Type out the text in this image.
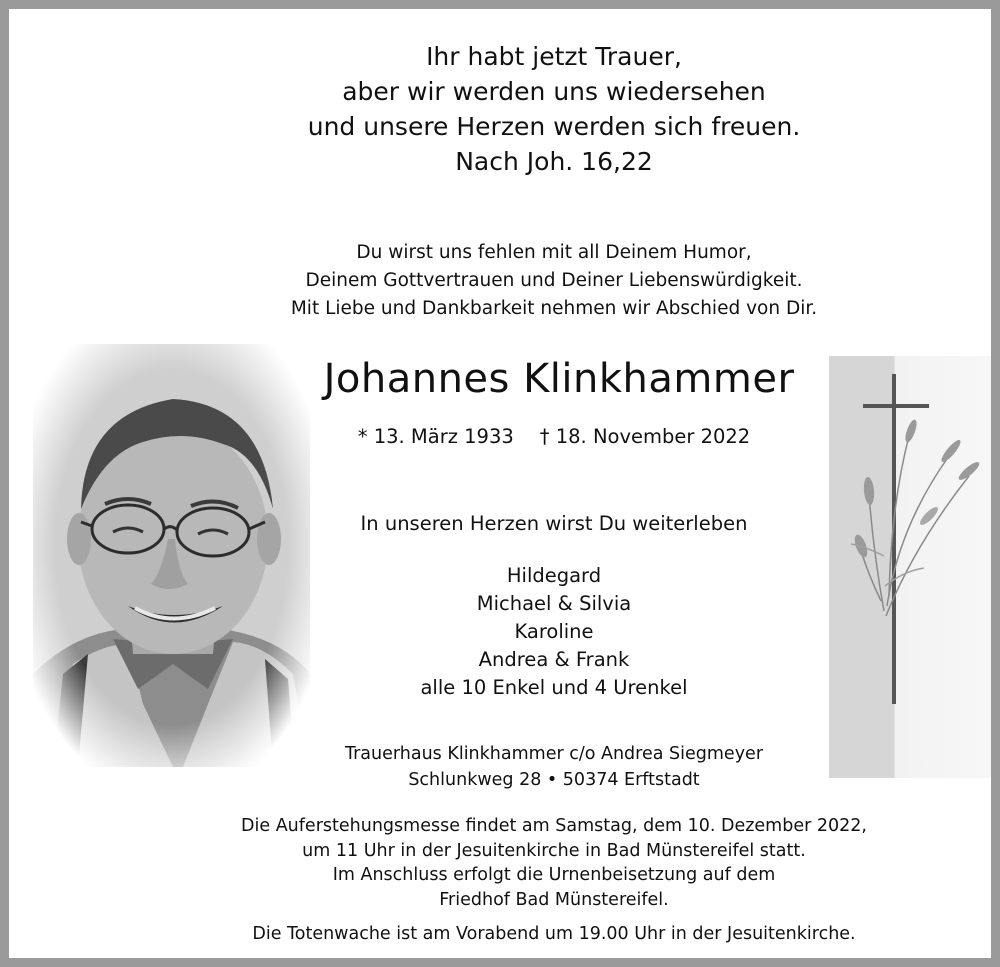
Ihr habt jetzt Trauer,
aber wir werden uns wiedersehen
und unsere Herzen werden sich freuen.
Nach Joh. 16,22
Du wirst uns fehlen mit all Deinem Humor,
Deinem Gottvertrauen und Deiner Liebenswürdigkeit.
Mit Liebe und Dankbarkeit nehmen wir Abschied von Dir.
Johannes Klinkhammer
* 13. März 1933 † 18. November 2022
In unseren Herzen wirst Du weiterleben
Hildegard
Michael & Silvia
Karoline
Andrea & Frank
alle 10 Enkel und 4 Urenkel
Trauerhaus Klinkhammer c/o Andrea Siegmeyer
Schlunkweg 28 • 50374 Erftstadt
Die Auferstehungsmesse findet am Samstag, dem 10. Dezember 2022,
um 11 Uhr in der Jesuitenkirche in Bad Münstereifel statt.
Im Anschluss erfolgt die Urnenbeisetzung auf dem
Friedhof Bad Münstereifel.
Die Totenwache ist am Vorabend um 19.00 Uhr in der Jesuitenkirche.
